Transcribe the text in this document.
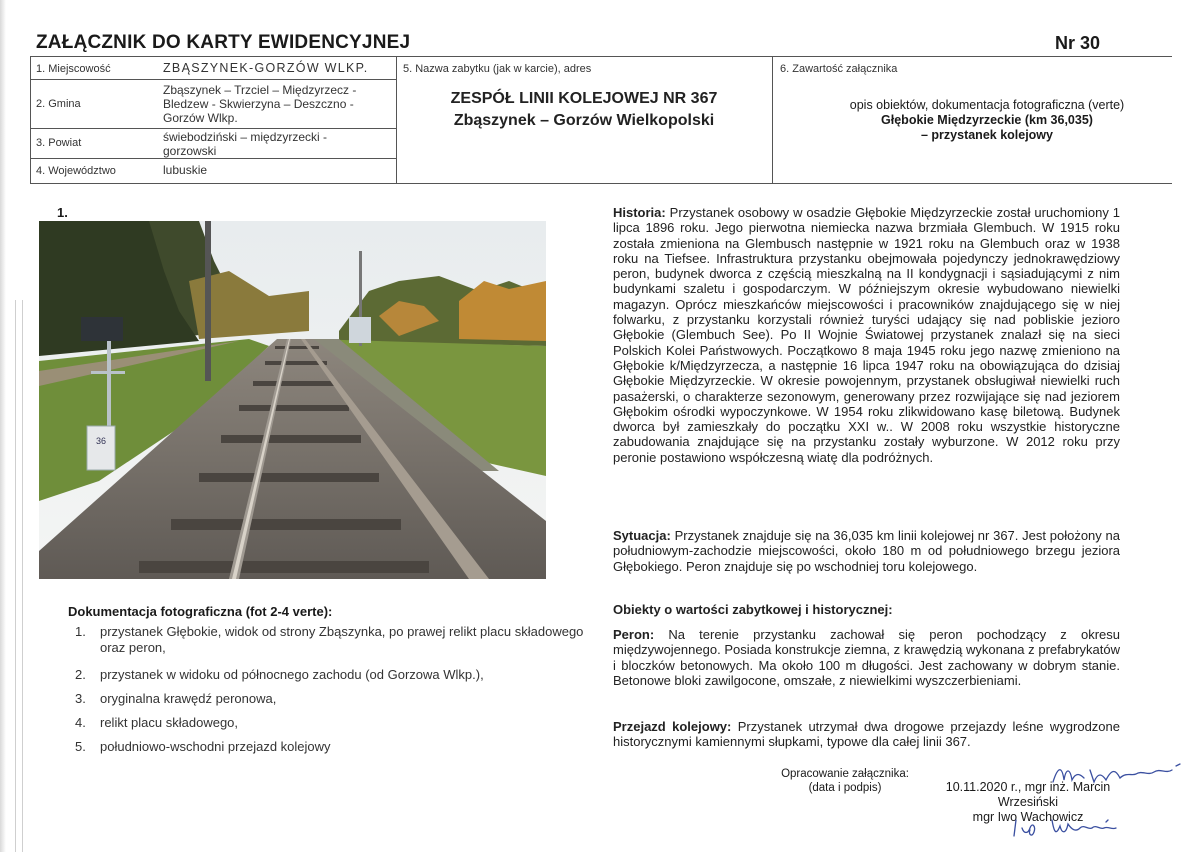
ZAŁĄCZNIK DO KARTY EWIDENCYJNEJ	Nr 30
1. Miejscowość	ZBĄSZYNEK-GORZÓW WLKP.
2. Gmina
Zbąszynek – Trzciel – Międzyrzecz - Bledzew - Skwierzyna – Deszczno - Gorzów Wlkp.
3. Powiat	świebodziński – międzyrzecki - gorzowski
4. Województwo	lubuskie
5. Nazwa zabytku (jak w karcie), adres
ZESPÓŁ LINII KOLEJOWEJ NR 367
Zbąszynek – Gorzów Wielkopolski
6. Zawartość załącznika
opis obiektów, dokumentacja fotograficzna (verte)
Głębokie Międzyrzeckie (km 36,035)
– przystanek kolejowy
1.
36
Dokumentacja fotograficzna (fot 2-4 verte):
1. przystanek Głębokie, widok od strony Zbąszynka, po prawej relikt placu składowego oraz peron,
2. przystanek w widoku od północnego zachodu (od Gorzowa Wlkp.),
3. oryginalna krawędź peronowa,
4. relikt placu składowego,
5. południowo-wschodni przejazd kolejowy
Historia: Przystanek osobowy w osadzie Głębokie Międzyrzeckie został uruchomiony 1 lipca 1896 roku. Jego pierwotna niemiecka nazwa brzmiała Glembuch. W 1915 roku została zmieniona na Glembusch następnie w 1921 roku na Glembuch oraz w 1938 roku na Tiefsee. Infrastruktura przystanku obejmowała pojedynczy jednokrawędziowy peron, budynek dworca z częścią mieszkalną na II kondygnacji i sąsiadującymi z nim budynkami szaletu i gospodarczym. W późniejszym okresie wybudowano niewielki magazyn. Oprócz mieszkańców miejscowości i pracowników znajdującego się w niej folwarku, z przystanku korzystali również turyści udający się nad pobliskie jezioro Głębokie (Glembuch See). Po II Wojnie Światowej przystanek znalazł się na sieci Polskich Kolei Państwowych. Początkowo 8 maja 1945 roku jego nazwę zmieniono na Głębokie k/Międzyrzecza, a następnie 16 lipca 1947 roku na obowiązująca do dzisiaj Głębokie Międzyrzeckie. W okresie powojennym, przystanek obsługiwał niewielki ruch pasażerski, o charakterze sezonowym, generowany przez rozwijające się nad jeziorem Głębokim ośrodki wypoczynkowe. W 1954 roku zlikwidowano kasę biletową. Budynek dworca był zamieszkały do początku XXI w.. W 2008 roku wszystkie historyczne zabudowania znajdujące się na przystanku zostały wyburzone. W 2012 roku przy peronie postawiono współczesną wiatę dla podróżnych.
Sytuacja: Przystanek znajduje się na 36,035 km linii kolejowej nr 367. Jest położony na południowym-zachodzie miejscowości, około 180 m od południowego brzegu jeziora Głębokiego. Peron znajduje się po wschodniej toru kolejowego.
Obiekty o wartości zabytkowej i historycznej:
Peron: Na terenie przystanku zachował się peron pochodzący z okresu międzywojennego. Posiada konstrukcje ziemna, z krawędzią wykonana z prefabrykatów i bloczków betonowych. Ma około 100 m długości. Jest zachowany w dobrym stanie. Betonowe bloki zawilgocone, omszałe, z niewielkimi wyszczerbieniami.
Przejazd kolejowy: Przystanek utrzymał dwa drogowe przejazdy leśne wygrodzone historycznymi kamiennymi słupkami, typowe dla całej linii 367.
Opracowanie załącznika:
(data i podpis)	10.11.2020 r., mgr inż. Marcin Wrzesiński
mgr Iwo Wachowicz
